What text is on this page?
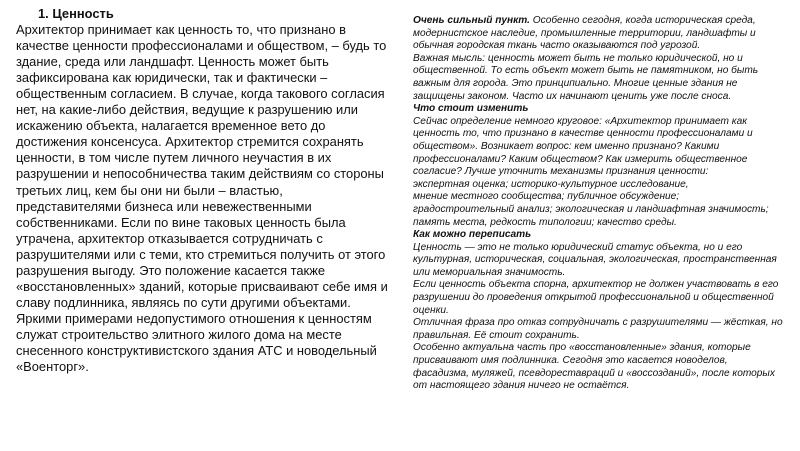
1. Ценность

Архитектор принимает как ценность то, что признано в качестве ценности профессионалами и обществом, – будь то здание, среда или ландшафт. Ценность может быть зафиксирована как юридически, так и фактически – общественным согласием. В случае, когда такового согласия нет, на какие-либо действия, ведущие к разрушению или искажению объекта, налагается временное вето до достижения консенсуса. Архитектор стремится сохранять ценности, в том числе путем личного неучастия в их разрушении и непособничества таким действиям со стороны третьих лиц, кем бы они ни были – властью, представителями бизнеса или невежественными собственниками. Если по вине таковых ценность была утрачена, архитектор отказывается сотрудничать с разрушителями или с теми, кто стремиться получить от этого разрушения выгоду. Это положение касается также «восстановленных» зданий, которые присваивают себе имя и славу подлинника, являясь по сути другими объектами. Яркими примерами недопустимого отношения к ценностям служат строительство элитного жилого дома на месте снесенного конструктивистского здания АТС и новодельный «Военторг».

Очень сильный пункт. Особенно сегодня, когда историческая среда, модернистское наследие, промышленные территории, ландшафты и обычная городская ткань часто оказываются под угрозой.

Важная мысль: ценность может быть не только юридической, но и общественной. То есть объект может быть не памятником, но быть важным для города. Это принципиально. Многие ценные здания не защищены законом. Часто их начинают ценить уже после сноса.

Что стоит изменить

Сейчас определение немного круговое: «Архитектор принимает как ценность то, что признано в качестве ценности профессионалами и обществом». Возникает вопрос: кем именно признано? Какими профессионалами? Каким обществом? Как измерить общественное согласие? Лучше уточнить механизмы признания ценности:

экспертная оценка; историко-культурное исследование,

мнение местного сообщества; публичное обсуждение;

градостроительный анализ; экологическая и ландшафтная значимость; память места, редкость типологии; качество среды.

Как можно переписать

Ценность — это не только юридический статус объекта, но и его культурная, историческая, социальная, экологическая, пространственная или мемориальная значимость.

Если ценность объекта спорна, архитектор не должен участвовать в его разрушении до проведения открытой профессиональной и общественной оценки.

Отличная фраза про отказ сотрудничать с разрушителями — жёсткая, но правильная. Её стоит сохранить.

Особенно актуальна часть про «восстановленные» здания, которые присваивают имя подлинника. Сегодня это касается новоделов, фасадизма, муляжей, псевдореставраций и «воссозданий», после которых от настоящего здания ничего не остаётся.
